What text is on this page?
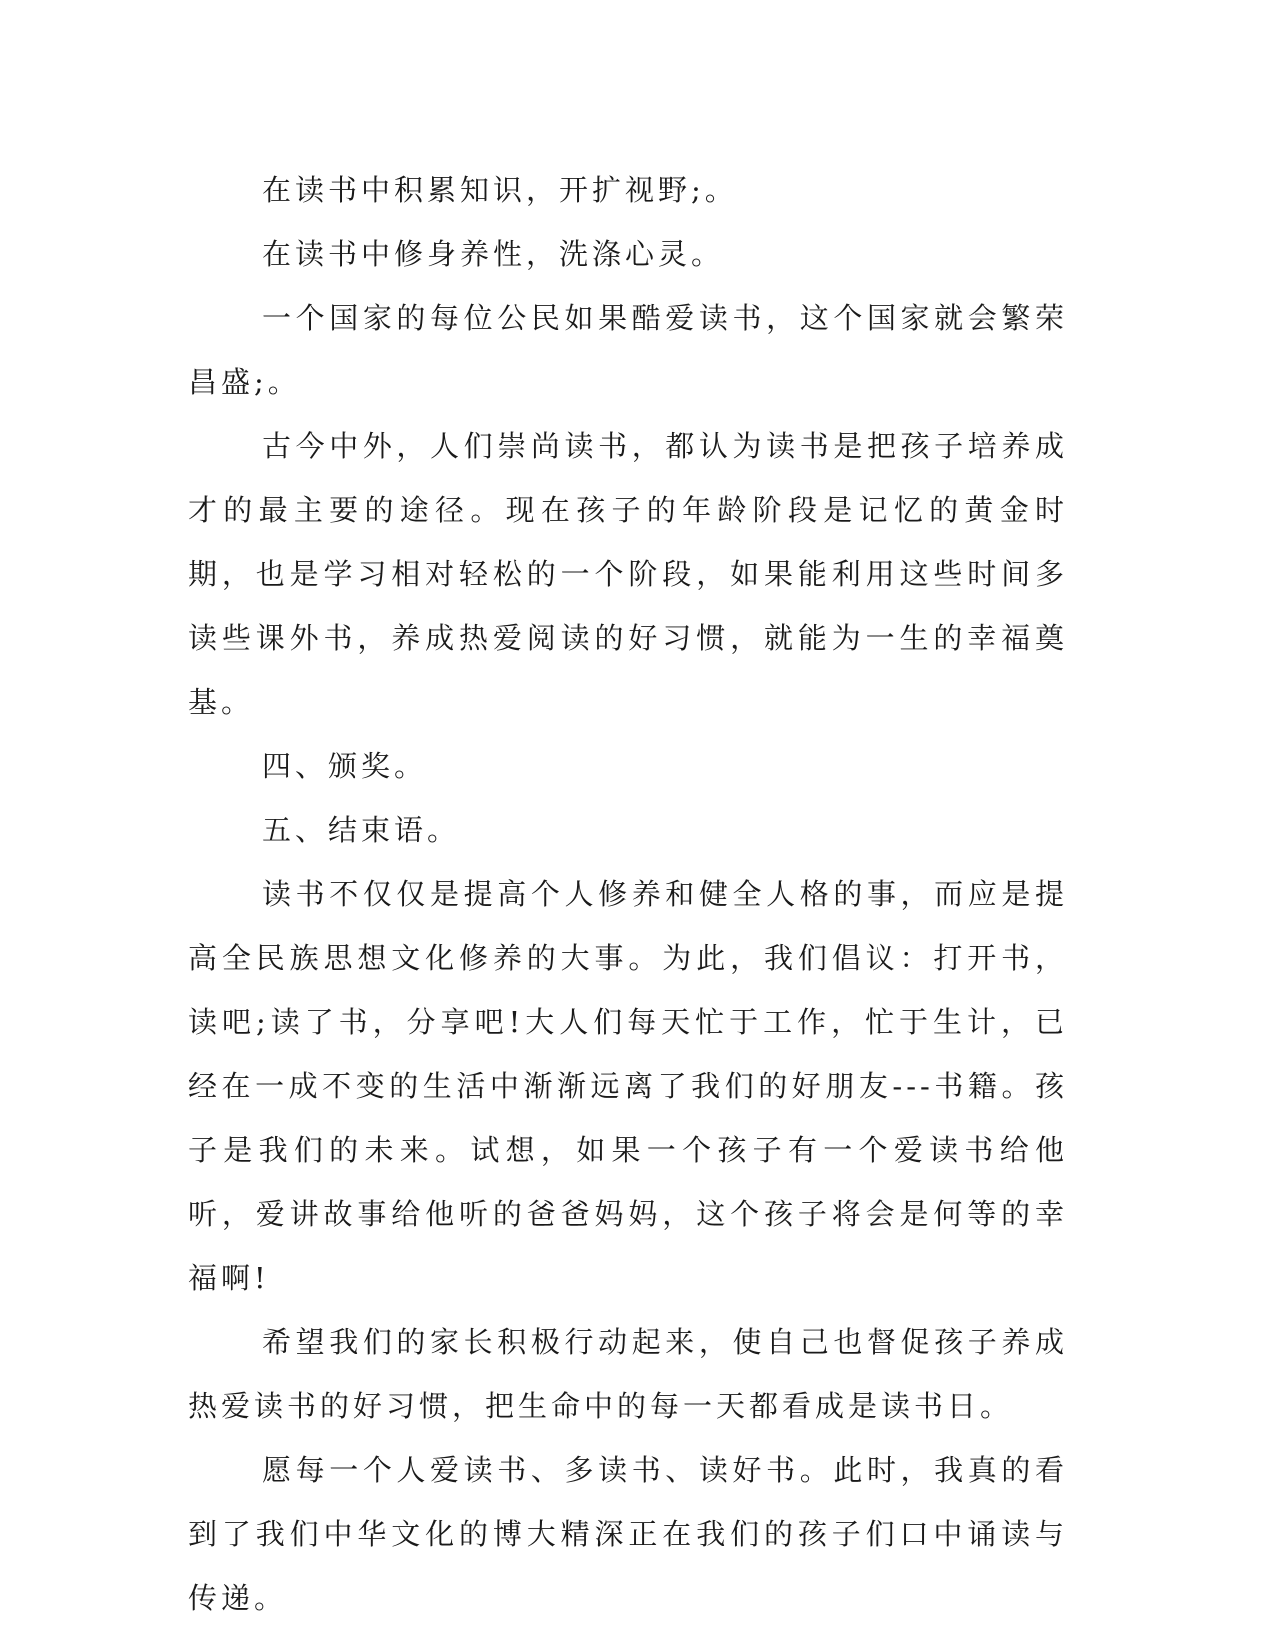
在读书中积累知识，开扩视野;。

在读书中修身养性，洗涤心灵。

一个国家的每位公民如果酷爱读书，这个国家就会繁荣昌盛;。

古今中外，人们崇尚读书，都认为读书是把孩子培养成才的最主要的途径。现在孩子的年龄阶段是记忆的黄金时期，也是学习相对轻松的一个阶段，如果能利用这些时间多读些课外书，养成热爱阅读的好习惯，就能为一生的幸福奠基。

四、颁奖。

五、结束语。

读书不仅仅是提高个人修养和健全人格的事，而应是提高全民族思想文化修养的大事。为此，我们倡议：打开书，读吧;读了书，分享吧!大人们每天忙于工作，忙于生计，已经在一成不变的生活中渐渐远离了我们的好朋友---书籍。孩子是我们的未来。试想，如果一个孩子有一个爱读书给他听，爱讲故事给他听的爸爸妈妈，这个孩子将会是何等的幸福啊!

希望我们的家长积极行动起来，使自己也督促孩子养成热爱读书的好习惯，把生命中的每一天都看成是读书日。

愿每一个人爱读书、多读书、读好书。此时，我真的看到了我们中华文化的博大精深正在我们的孩子们口中诵读与传递。
